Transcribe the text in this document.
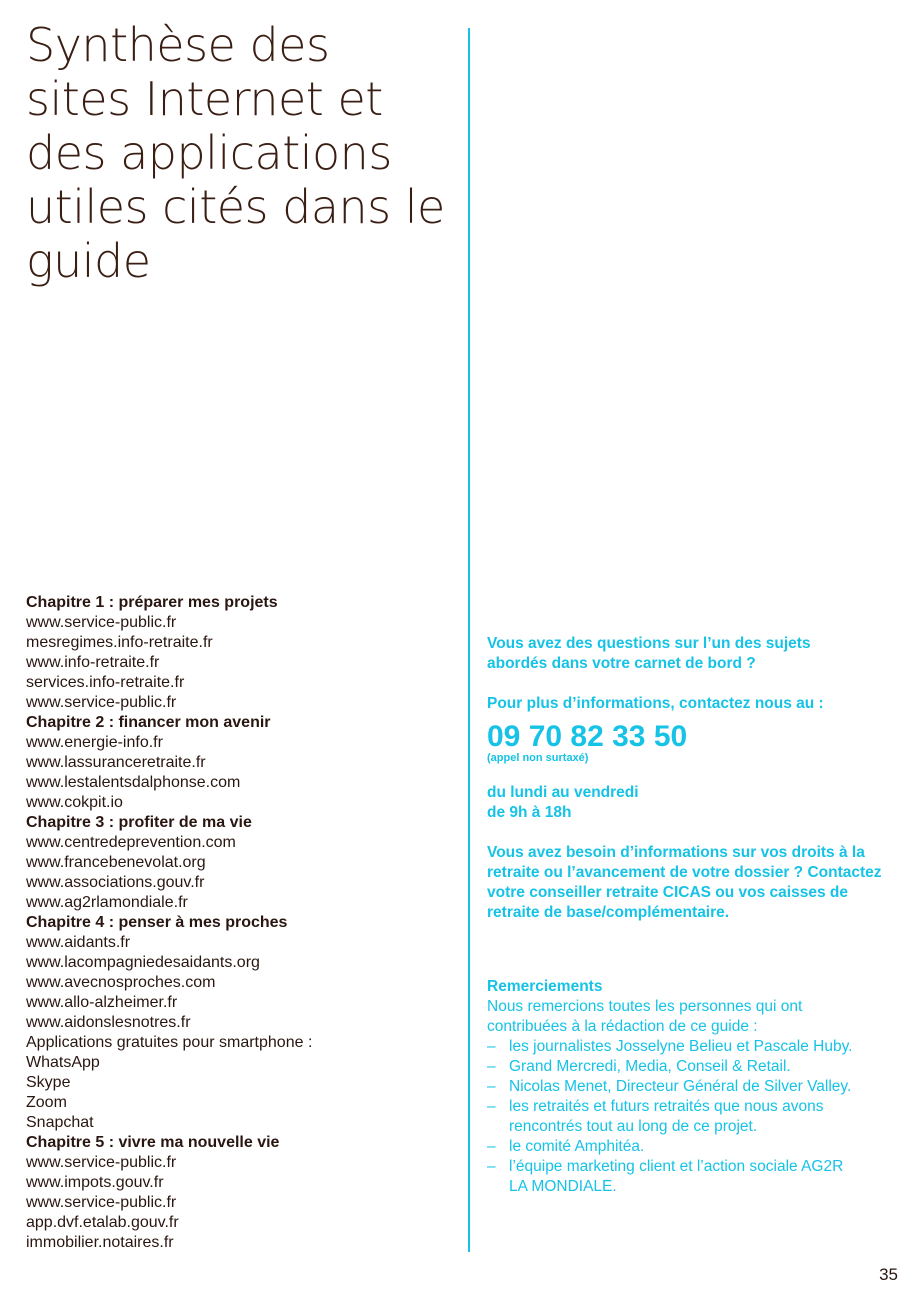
Synthèse des sites Internet et des applications utiles cités dans le guide
Chapitre 1 : préparer mes projets
www.service-public.fr
mesregimes.info-retraite.fr
www.info-retraite.fr
services.info-retraite.fr
www.service-public.fr
Chapitre 2 : financer mon avenir
www.energie-info.fr
www.lassuranceretraite.fr
www.lestalentsdalphonse.com
www.cokpit.io
Chapitre 3 : profiter de ma vie
www.centredeprevention.com
www.francebenevolat.org
www.associations.gouv.fr
www.ag2rlamondiale.fr
Chapitre 4 : penser à mes proches
www.aidants.fr
www.lacompagniedesaidants.org
www.avecnosproches.com
www.allo-alzheimer.fr
www.aidonslesnotres.fr
Applications gratuites pour smartphone :
WhatsApp
Skype
Zoom
Snapchat
Chapitre 5 : vivre ma nouvelle vie
www.service-public.fr
www.impots.gouv.fr
www.service-public.fr
app.dvf.etalab.gouv.fr
immobilier.notaires.fr

Vous avez des questions sur l’un des sujets abordés dans votre carnet de bord ?

Pour plus d’informations, contactez nous au :

09 70 82 33 50

(appel non surtaxé)

du lundi au vendredi

de 9h à 18h

Vous avez besoin d’informations sur vos droits à la retraite ou l’avancement de votre dossier ? Contactez votre conseiller retraite CICAS ou vos caisses de retraite de base/complémentaire.

Remerciements

Nous remercions toutes les personnes qui ont contribuées à la rédaction de ce guide :

– les journalistes Josselyne Belieu et Pascale Huby.
– Grand Mercredi, Media, Conseil & Retail.
– Nicolas Menet, Directeur Général de Silver Valley.
– les retraités et futurs retraités que nous avons rencontrés tout au long de ce projet.
– le comité Amphitéa.
– l’équipe marketing client et l’action sociale AG2R LA MONDIALE.
35
